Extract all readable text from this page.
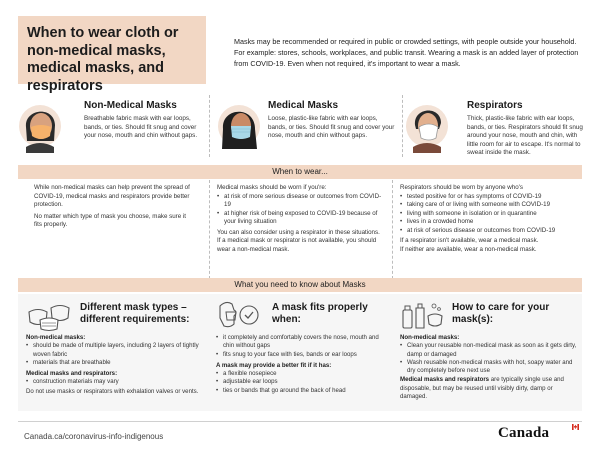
When to wear cloth or non-medical masks, medical masks, and respirators

Masks may be recommended or required in public or crowded settings, with people outside your household. For example: stores, schools, workplaces, and public transit. Wearing a mask is an added layer of protection from COVID-19. Even when not required, it's important to wear a mask.

Non-Medical Masks

Breathable fabric mask with ear loops, bands, or ties. Should fit snug and cover your nose, mouth and chin without gaps.

Medical Masks

Loose, plastic-like fabric with ear loops, bands, or ties. Should fit snug and cover your nose, mouth and chin without gaps.

Respirators

Thick, plastic-like fabric with ear loops, bands, or ties. Respirators should fit snug around your nose, mouth and chin, with little room for air to escape. It's normal to sweat inside the mask.

When to wear...

While non-medical masks can help prevent the spread of COVID-19, medical masks and respirators provide better protection.

No matter which type of mask you choose, make sure it fits properly.

Medical masks should be worn if you're:

• at risk of more serious disease or outcomes from COVID-19
• at higher risk of being exposed to COVID-19 because of your living situation

You can also consider using a respirator in these situations.

If a medical mask or respirator is not available, you should wear a non-medical mask.

Respirators should be worn by anyone who's

• tested positive for or has symptoms of COVID-19
• taking care of or living with someone with COVID-19
• living with someone in isolation or in quarantine
• lives in a crowded home
• at risk of serious disease or outcomes from COVID-19

If a respirator isn't available, wear a medical mask.

If neither are available, wear a non-medical mask.

What you need to know about Masks
Different mask types – different requirements:
Non-medical masks:
• should be made of multiple layers, including 2 layers of tightly woven fabric
• materials that are breathable
Medical masks and respirators:
• construction materials may vary
Do not use masks or respirators with exhalation valves or vents.
A mask fits properly when:
• it completely and comfortably covers the nose, mouth and chin without gaps
• fits snug to your face with ties, bands or ear loops
A mask may provide a better fit if it has:
• a flexible nosepiece
• adjustable ear loops
• ties or bands that go around the back of head
How to care for your mask(s):
Non-medical masks:
• Clean your reusable non-medical mask as soon as it gets dirty, damp or damaged
• Wash reusable non-medical masks with hot, soapy water and dry completely before next use
Medical masks and respirators are typically single use and disposable, but may be reused until visibly dirty, damp or damaged.
Canada.ca/coronavirus-info-indigenous	Canada
